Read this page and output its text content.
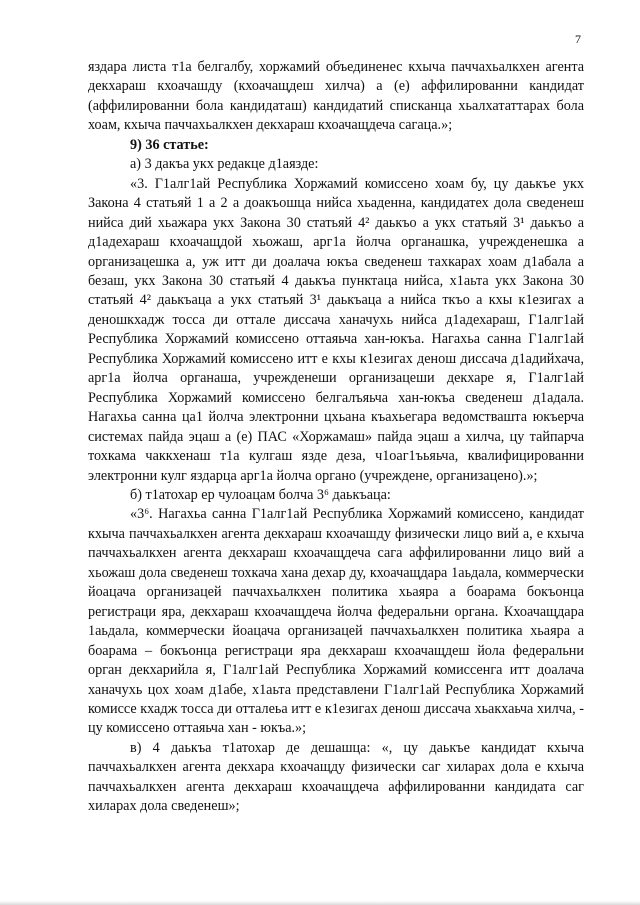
7

яздара листа т1а белгалбу, хоржамий объединенес кхыча паччахьалкхен агента декхараш кхоачашду (кхоачащдеш хилча) а (е) аффилированни кандидат (аффилированни бола кандидаташ) кандидатий списканца хьалхататтарах бола хоам, кхыча паччахьалкхен декхараш кхоачащдеча сагаца.»;

9) 36 статье:

а) 3 дакъа укх редакце д1аязде:

«3. Г1алг1ай Республика Хоржамий комиссено хоам бу, цу даькъе укх Закона 4 статьяй 1 а 2 а доакъошца нийса хьаденна, кандидатех дола сведенеш нийса дий хьажара укх Закона 30 статьяй 4² даькъо а укх статьяй 3¹ даькъо а д1адехараш кхоачащдой хьожаш, арг1а йолча органашка, учрежденешка а организацешка а, уж итт ди доалача юкъа сведенеш тахкарах хоам д1абала а безаш, укх Закона 30 статьяй 4 даькъа пунктаца нийса, х1аьта укх Закона 30 статьяй 4² даькъаца а укх статьяй 3¹ даькъаца а нийса ткъо а кхы к1езигах а деношкхадж тосса ди оттале диссача ханачухь нийса д1адехараш, Г1алг1ай Республика Хоржамий комиссено оттаяьча хан-юкъа. Нагахьа санна Г1алг1ай Республика Хоржамий комиссено итт е кхы к1езигах денош диссача д1адийхача, арг1а йолча органаша, учрежденеши организацеши декхаре я, Г1алг1ай Республика Хоржамий комиссено белгалъяьча хан-юкъа сведенеш д1адала. Нагахьа санна ца1 йолча электронни цхьана къахьегара ведомствашта юкъерча системах пайда эцаш а (е) ПАС «Хоржамаш» пайда эцаш а хилча, цу тайпарча тохкама чаккхенаш т1а кулгаш язде деза, ч1оаг1ъьяьча, квалифицированни электронни кулг яздарца арг1а йолча органо (учреждене, организацено).»;

б) т1атохар ер чулоацам болча 3⁶ даькъаца:

«3⁶. Нагахьа санна Г1алг1ай Республика Хоржамий комиссено, кандидат кхыча паччахьалкхен агента декхараш кхоачашду физически лицо вий а, е кхыча паччахьалкхен агента декхараш кхоачащдеча сага аффилированни лицо вий а хьожаш дола сведенеш тохкача хана дехар ду, кхоачащдара 1аьдала, коммерчески йоацача организацей паччахьалкхен политика хьаяра а боарама бокъонца регистраци яра, декхараш кхоачащдеча йолча федеральни органа. Кхоачащдара 1аьдала, коммерчески йоацача организацей паччахьалкхен политика хьаяра а боарама – бокъонца регистраци яра декхараш кхоачащдеш йола федеральни орган декхарийла я, Г1алг1ай Республика Хоржамий комиссенга итт доалача ханачухь цох хоам д1абе, х1аьта представлени Г1алг1ай Республика Хоржамий комиссе кхадж тосса ди отталеьа итт е к1езигах денош диссача хьакхаьча хилча, - цу комиссено оттаяьча хан - юкъа.»;

в) 4 даькъа т1атохар де дешашца: «, цу даькъе кандидат кхыча паччахьалкхен агента декхара кхоачащду физически саг хиларах дола е кхыча паччахьалкхен агента декхараш кхоачащдеча аффилированни кандидата саг хиларах дола сведенеш»;
